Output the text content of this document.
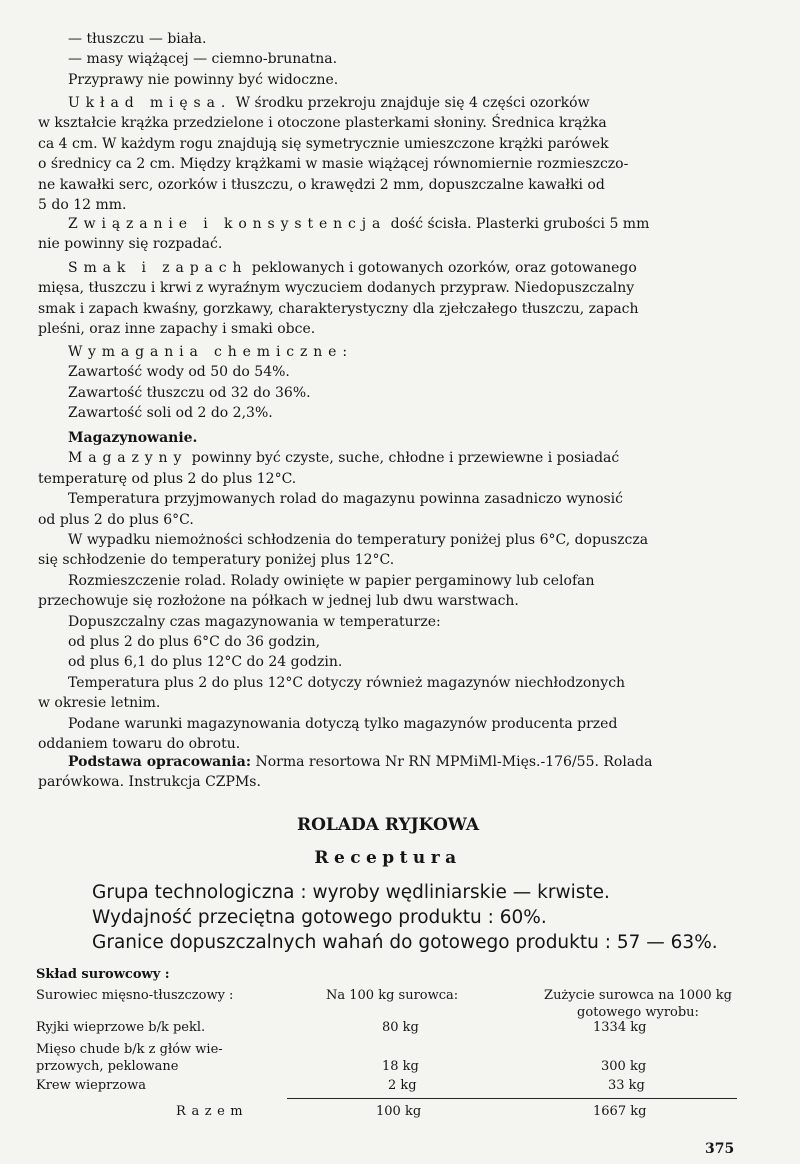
— tłuszczu — biała.
— masy wiążącej — ciemno-brunatna.
Przyprawy nie powinny być widoczne.

Układ mięsa. W środku przekroju znajduje się 4 części ozorków
w kształcie krążka przedzielone i otoczone plasterkami słoniny. Średnica krążka
ca 4 cm. W każdym rogu znajdują się symetrycznie umieszczone krążki parówek
o średnicy ca 2 cm. Między krążkami w masie wiążącej równomiernie rozmieszczo-
ne kawałki serc, ozorków i tłuszczu, o krawędzi 2 mm, dopuszczalne kawałki od
5 do 12 mm.

Związanie i konsystencja dość ścisła. Plasterki grubości 5 mm
nie powinny się rozpadać.

Smak i zapach peklowanych i gotowanych ozorków, oraz gotowanego
mięsa, tłuszczu i krwi z wyraźnym wyczuciem dodanych przypraw. Niedopuszczalny
smak i zapach kwaśny, gorzkawy, charakterystyczny dla zjełczałego tłuszczu, zapach
pleśni, oraz inne zapachy i smaki obce.

Wymagania chemiczne:
Zawartość wody od 50 do 54%.
Zawartość tłuszczu od 32 do 36%.
Zawartość soli od 2 do 2,3%.

Magazynowanie.
Magazyny powinny być czyste, suche, chłodne i przewiewne i posiadać
temperaturę od plus 2 do plus 12°C.
Temperatura przyjmowanych rolad do magazynu powinna zasadniczo wynosić
od plus 2 do plus 6°C.
W wypadku niemożności schłodzenia do temperatury poniżej plus 6°C, dopuszcza
się schłodzenie do temperatury poniżej plus 12°C.
Rozmieszczenie rolad. Rolady owinięte w papier pergaminowy lub celofan
przechowuje się rozłożone na półkach w jednej lub dwu warstwach.
Dopuszczalny czas magazynowania w temperaturze:
od plus 2 do plus 6°C do 36 godzin,
od plus 6,1 do plus 12°C do 24 godzin.
Temperatura plus 2 do plus 12°C dotyczy również magazynów niechłodzonych
w okresie letnim.
Podane warunki magazynowania dotyczą tylko magazynów producenta przed
oddaniem towaru do obrotu.

Podstawa opracowania: Norma resortowa Nr RN MPMiMl-Mięs.-176/55. Rolada
parówkowa. Instrukcja CZPMs.

ROLADA RYJKOWA

Receptura

Grupa technologiczna : wyroby wędliniarskie — krwiste.
Wydajność przeciętna gotowego produktu : 60%.
Granice dopuszczalnych wahań do gotowego produktu : 57 — 63%.
Skład surowcowy :
Surowiec mięsno-tłuszczowy :	Na 100 kg surowca:	Zużycie surowca na 1000 kg
gotowego wyrobu:
Ryjki wieprzowe b/k pekl.	80 kg	1334 kg
Mięso chude b/k z głów wie-
przowych, peklowane	18 kg	300 kg
Krew wieprzowa	2 kg	33 kg
Razem	100 kg	1667 kg
375
